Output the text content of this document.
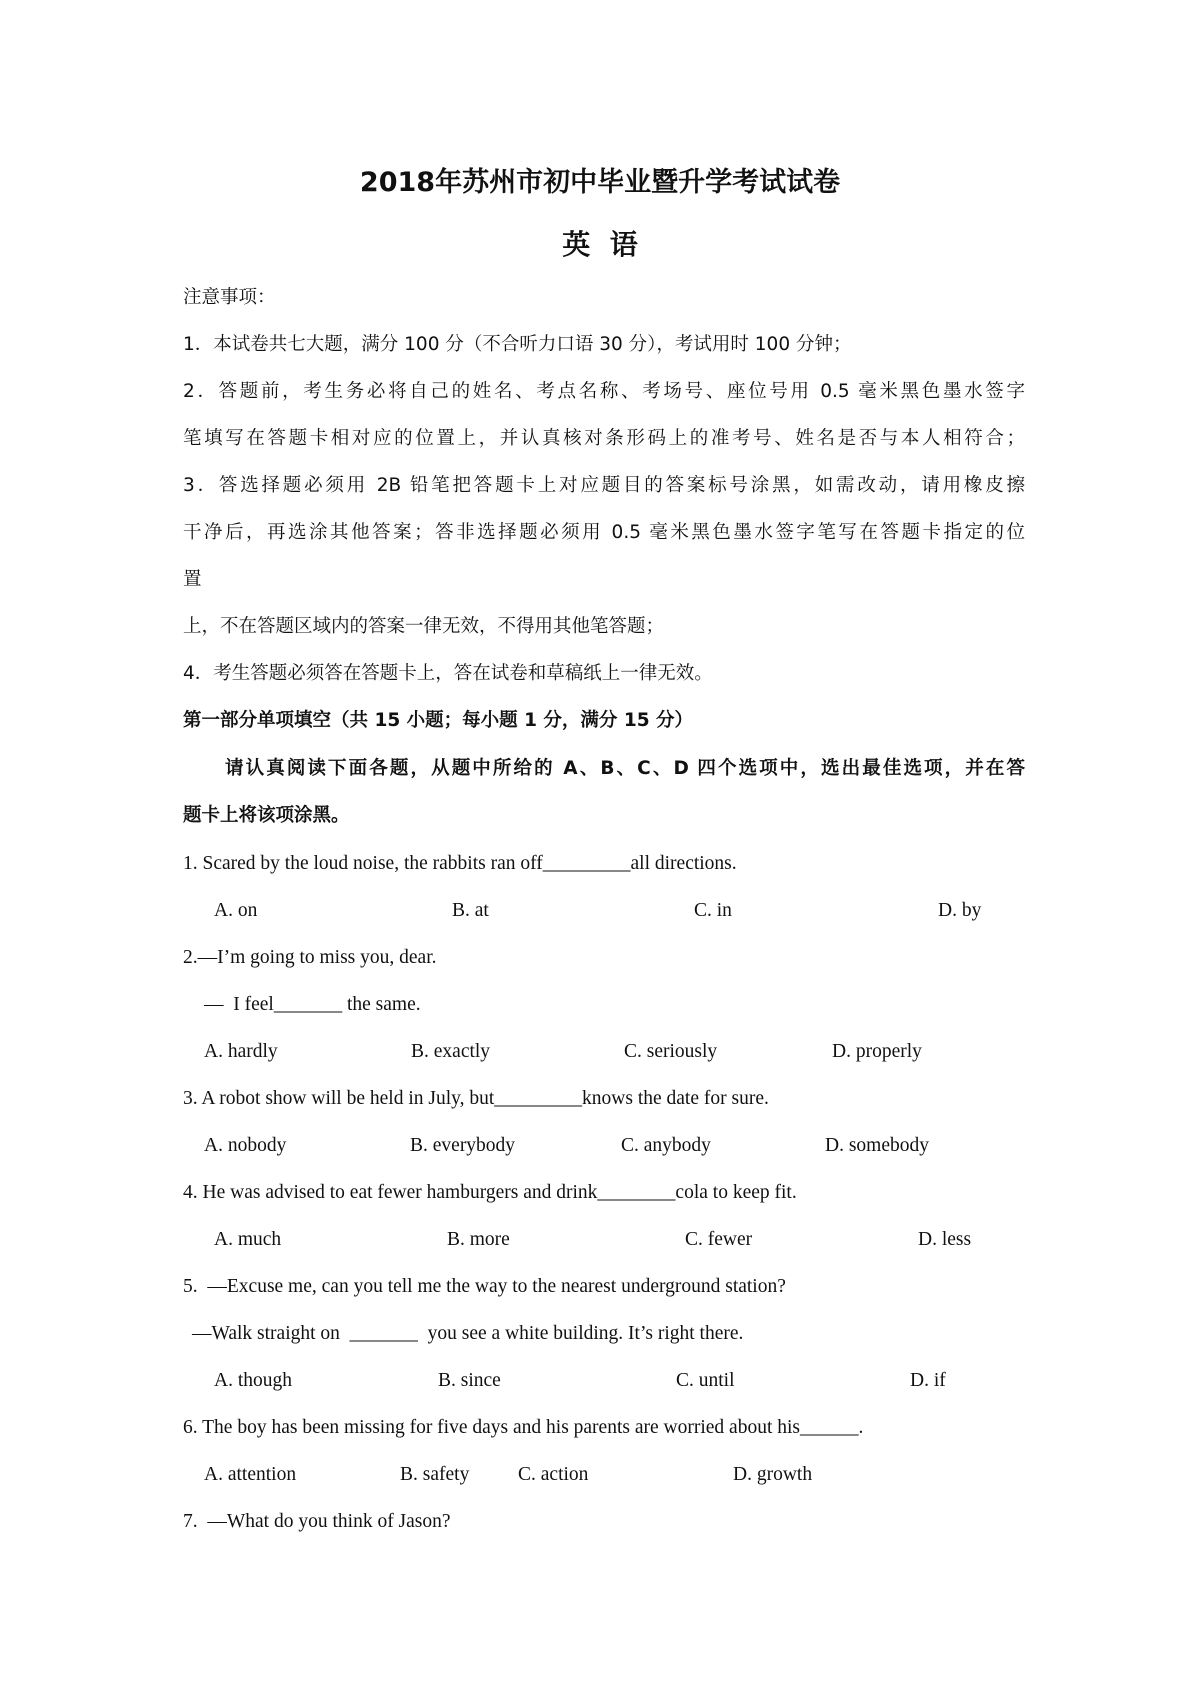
2018年苏州市初中毕业暨升学考试试卷
英  语
注意事项：
1．本试卷共七大题，满分 100 分（不合听力口语 30 分），考试用时 100 分钟；
2．答题前，考生务必将自己的姓名、考点名称、考场号、座位号用 0.5 毫米黑色墨水签字
笔填写在答题卡相对应的位置上，并认真核对条形码上的准考号、姓名是否与本人相符合；
3．答选择题必须用 2B 铅笔把答题卡上对应题目的答案标号涂黑，如需改动，请用橡皮擦
干净后，再选涂其他答案；答非选择题必须用 0.5 毫米黑色墨水签字笔写在答题卡指定的位
置
上，不在答题区域内的答案一律无效，不得用其他笔答题；
4．考生答题必须答在答题卡上，答在试卷和草稿纸上一律无效。
第一部分单项填空（共 15 小题；每小题 1 分，满分 15 分）
请认真阅读下面各题，从题中所给的 A、B、C、D 四个选项中，选出最佳选项，并在答
题卡上将该项涂黑。
1. Scared by the loud noise, the rabbits ran off_________all directions.
A. on	B. at	C. in	D. by
2.—I’m going to miss you, dear.
—  I feel_______ the same.
A. hardly	B. exactly	C. seriously	D. properly
3. A robot show will be held in July, but_________knows the date for sure.
A. nobody	B. everybody	C. anybody	D. somebody
4. He was advised to eat fewer hamburgers and drink________cola to keep fit.
A. much	B. more	C. fewer	D. less
5.  —Excuse me, can you tell me the way to the nearest underground station?
—Walk straight on  _______  you see a white building. It’s right there.
A. though	B. since	C. until	D. if
6. The boy has been missing for five days and his parents are worried about his______.
A. attention	B. safety C. action	D. growth
7.  —What do you think of Jason?
